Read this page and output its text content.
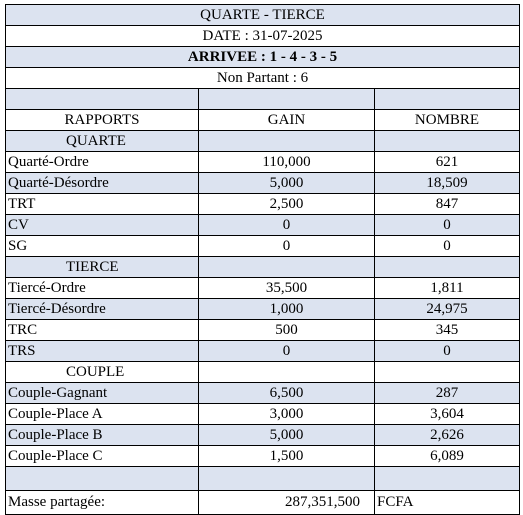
QUARTE - TIERCE
DATE : 31-07-2025
ARRIVEE : 1 - 4 - 3 - 5
Non Partant : 6
RAPPORTS	GAIN	NOMBRE
QUARTE
Quarté-Ordre	110,000	621
Quarté-Désordre	5,000	18,509
TRT	2,500	847
CV	0	0
SG	0	0
TIERCE
Tiercé-Ordre	35,500	1,811
Tiercé-Désordre	1,000	24,975
TRC	500	345
TRS	0	0
COUPLE
Couple-Gagnant	6,500	287
Couple-Place A	3,000	3,604
Couple-Place B	5,000	2,626
Couple-Place C	1,500	6,089
Masse partagée:	287,351,500	FCFA
